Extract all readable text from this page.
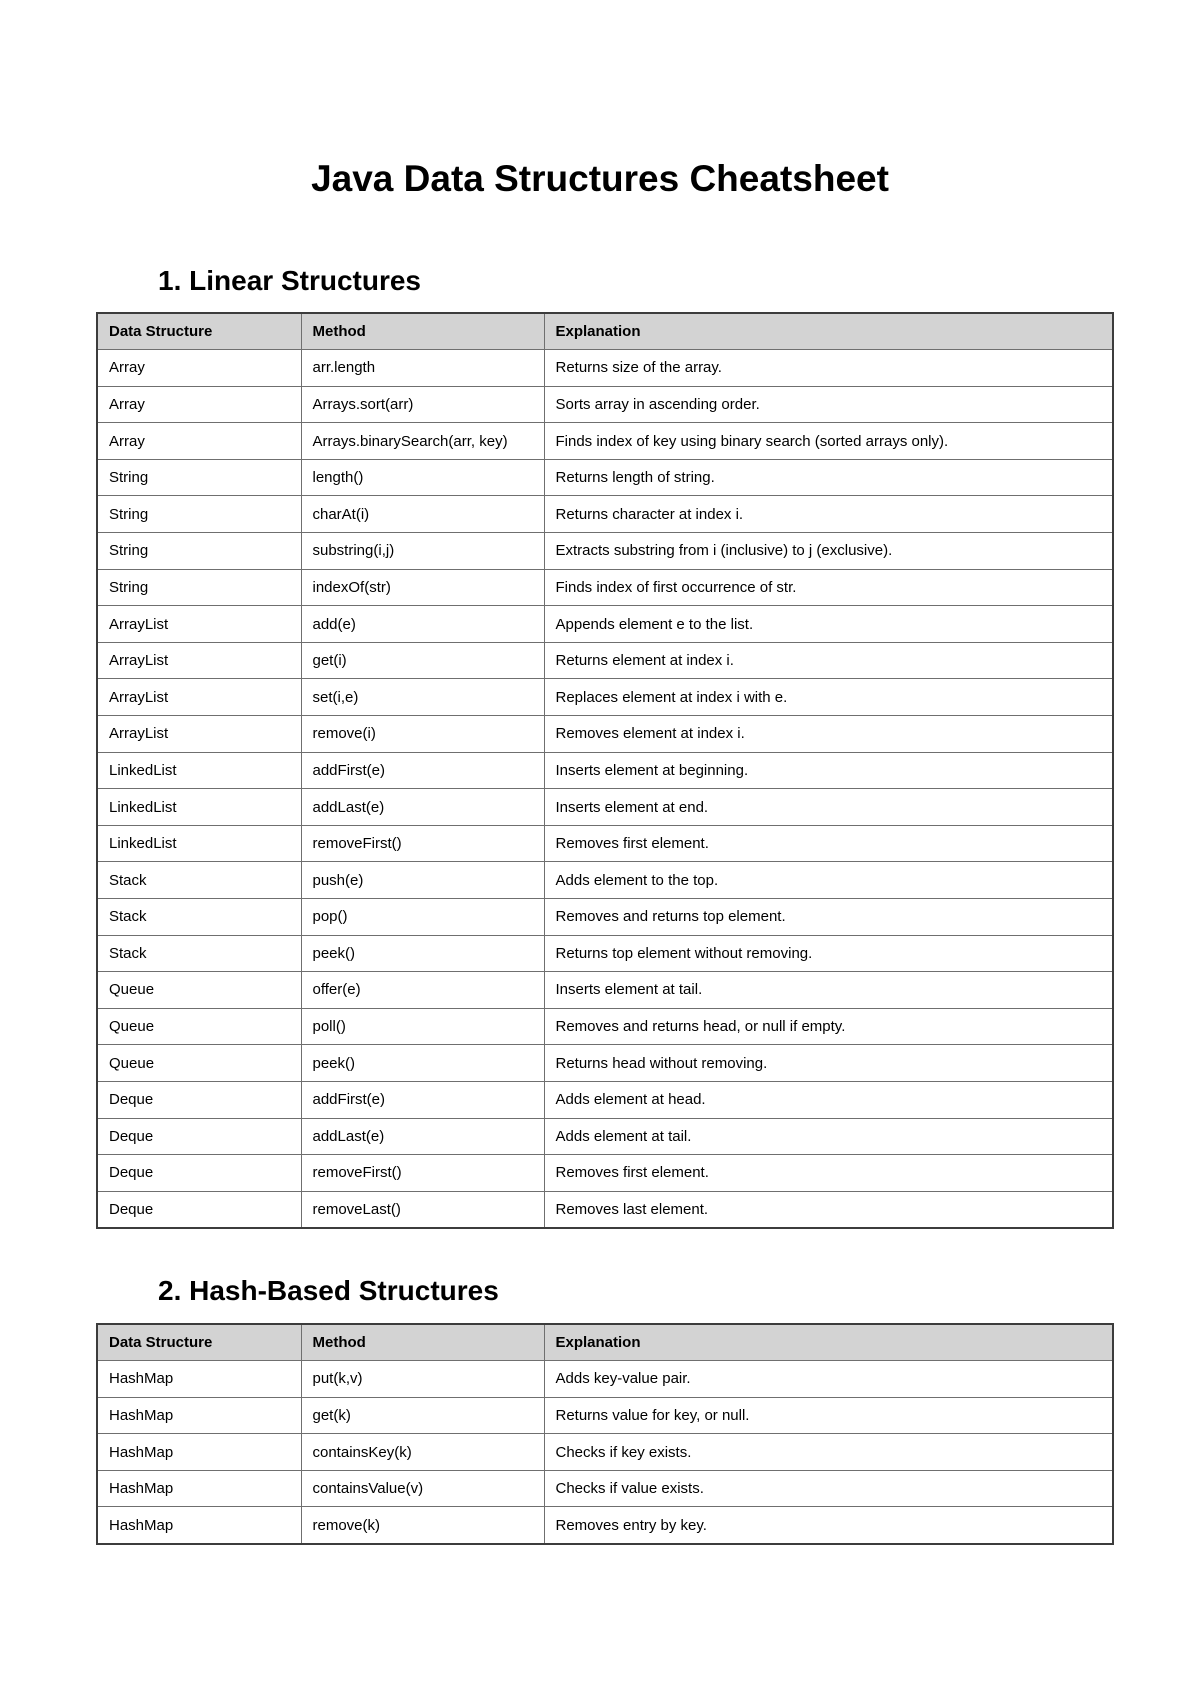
Java Data Structures Cheatsheet
1. Linear Structures
Data Structure	Method	Explanation
Array	arr.length	Returns size of the array.
Array	Arrays.sort(arr)	Sorts array in ascending order.
Array	Arrays.binarySearch(arr, key)	Finds index of key using binary search (sorted arrays only).
String	length()	Returns length of string.
String	charAt(i)	Returns character at index i.
String	substring(i,j)	Extracts substring from i (inclusive) to j (exclusive).
String	indexOf(str)	Finds index of first occurrence of str.
ArrayList	add(e)	Appends element e to the list.
ArrayList	get(i)	Returns element at index i.
ArrayList	set(i,e)	Replaces element at index i with e.
ArrayList	remove(i)	Removes element at index i.
LinkedList	addFirst(e)	Inserts element at beginning.
LinkedList	addLast(e)	Inserts element at end.
LinkedList	removeFirst()	Removes first element.
Stack	push(e)	Adds element to the top.
Stack	pop()	Removes and returns top element.
Stack	peek()	Returns top element without removing.
Queue	offer(e)	Inserts element at tail.
Queue	poll()	Removes and returns head, or null if empty.
Queue	peek()	Returns head without removing.
Deque	addFirst(e)	Adds element at head.
Deque	addLast(e)	Adds element at tail.
Deque	removeFirst()	Removes first element.
Deque	removeLast()	Removes last element.
2. Hash-Based Structures
Data Structure	Method	Explanation
HashMap	put(k,v)	Adds key-value pair.
HashMap	get(k)	Returns value for key, or null.
HashMap	containsKey(k)	Checks if key exists.
HashMap	containsValue(v)	Checks if value exists.
HashMap	remove(k)	Removes entry by key.
